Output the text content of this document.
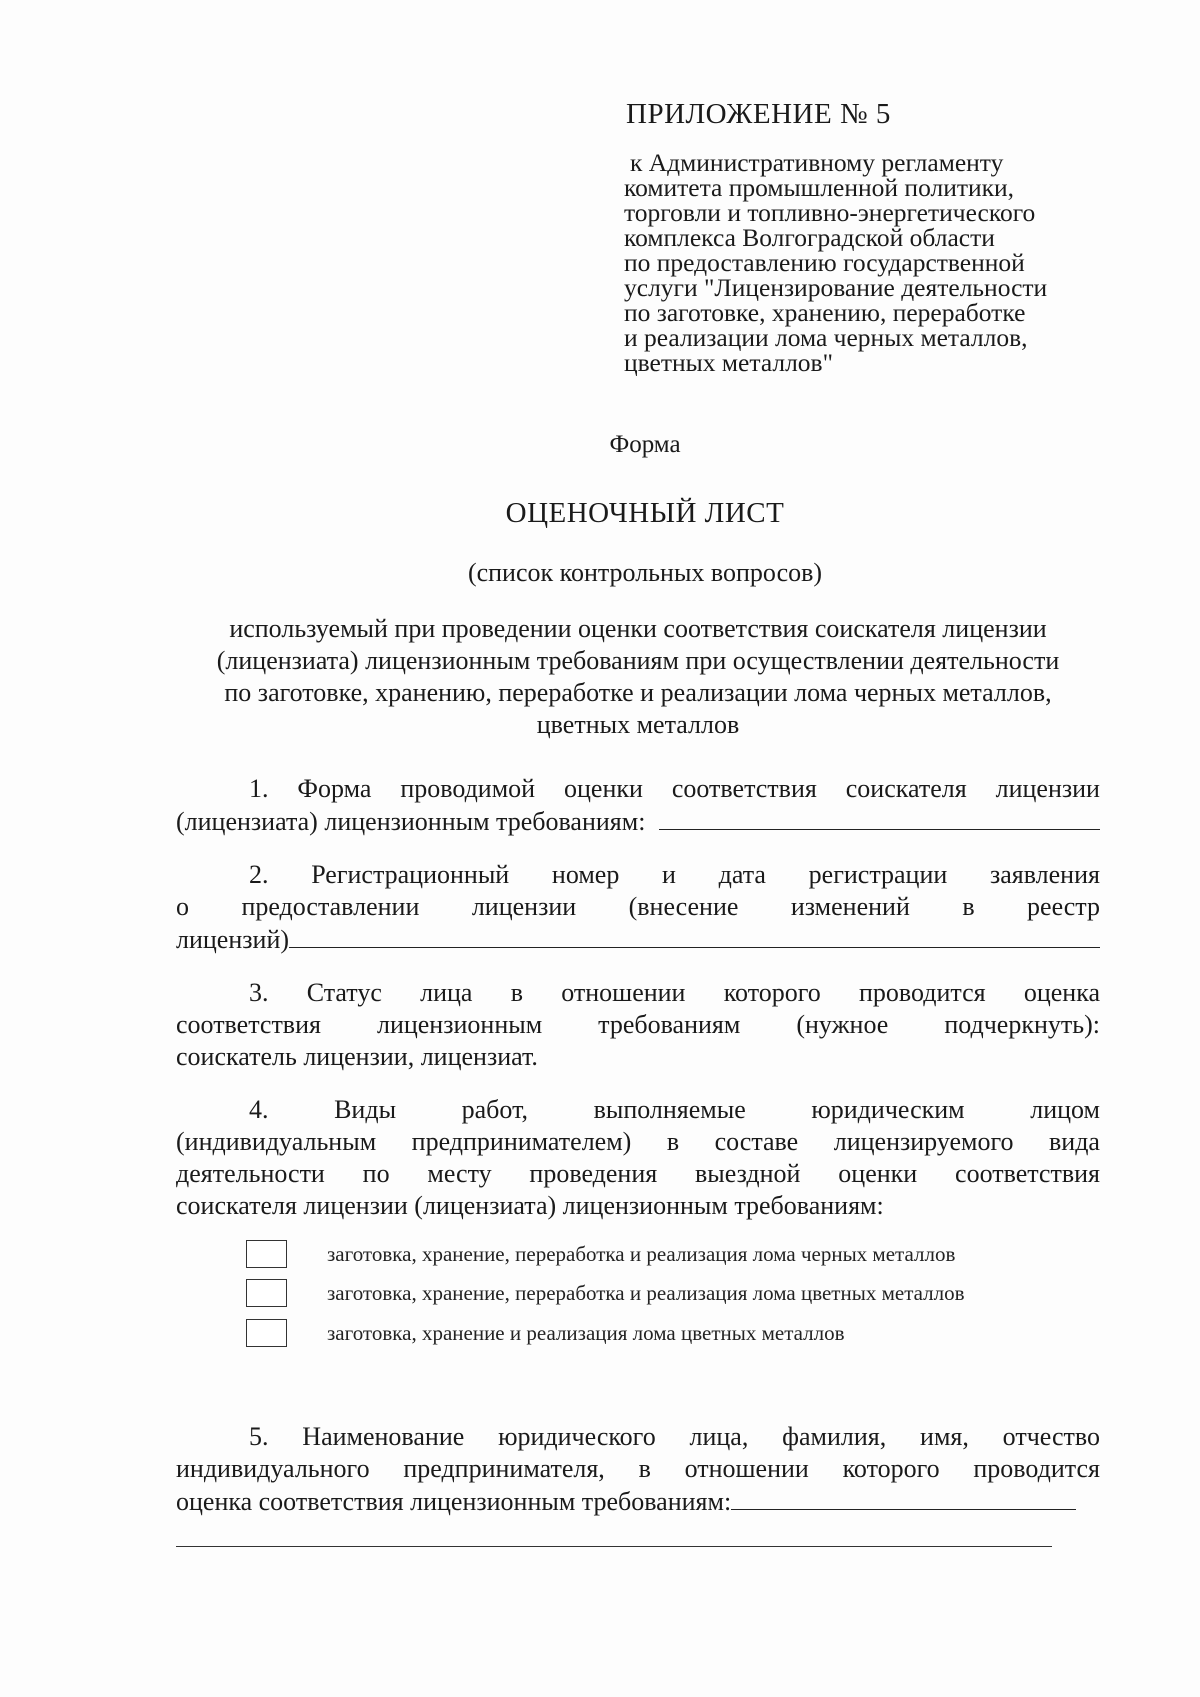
ПРИЛОЖЕНИЕ № 5
к Административному регламенту
комитета промышленной политики,
торговли и топливно-энергетического
комплекса Волгоградской области
по предоставлению государственной
услуги "Лицензирование деятельности
по заготовке, хранению, переработке
и реализации лома черных металлов,
цветных металлов"
Форма
ОЦЕНОЧНЫЙ ЛИСТ
(список контрольных вопросов)
используемый при проведении оценки соответствия соискателя лицензии
(лицензиата) лицензионным требованиям при осуществлении деятельности
по заготовке, хранению, переработке и реализации лома черных металлов,
цветных металлов
1. Форма проводимой оценки соответствия соискателя лицензии
(лицензиата) лицензионным требованиям:
2. Регистрационный номер и дата регистрации заявления
о предоставлении лицензии (внесение изменений в реестр
лицензий)
3. Статус лица в отношении которого проводится оценка
соответствия лицензионным требованиям (нужное подчеркнуть):
соискатель лицензии, лицензиат.
4.	Виды	работ,	выполняемые	юридическим	лицом
(индивидуальным предпринимателем) в составе лицензируемого вида
деятельности по месту проведения выездной оценки соответствия
соискателя лицензии (лицензиата) лицензионным требованиям:
заготовка, хранение, переработка и реализация лома черных металлов
заготовка, хранение, переработка и реализация лома цветных металлов
заготовка, хранение и реализация лома цветных металлов
5. Наименование юридического лица, фамилия, имя, отчество
индивидуального предпринимателя, в отношении которого проводится
оценка соответствия лицензионным требованиям:
